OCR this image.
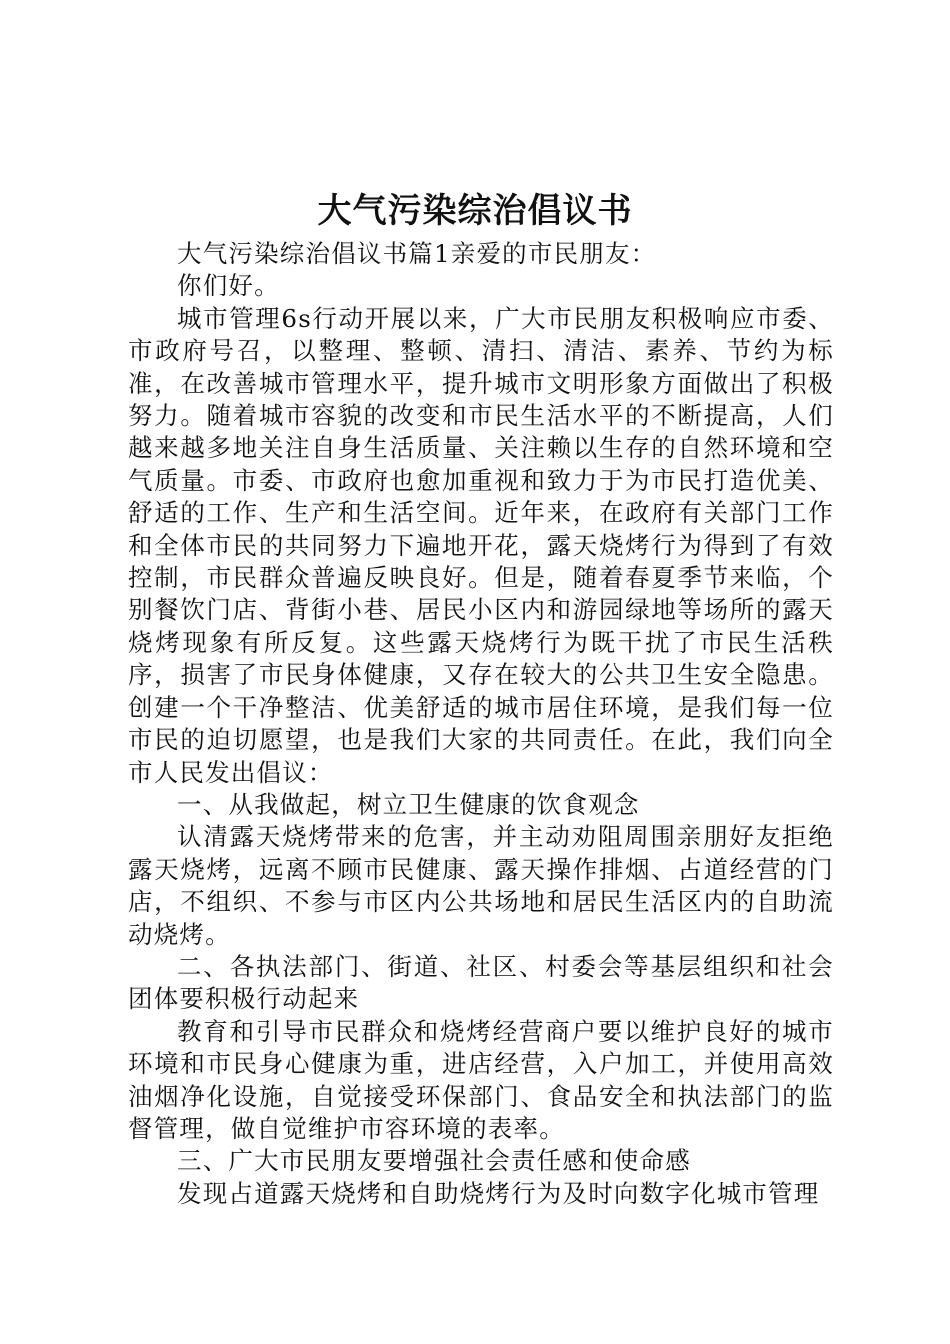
大气污染综治倡议书

大气污染综治倡议书篇1亲爱的市民朋友：

你们好。

城市管理6s行动开展以来，广大市民朋友积极响应市委、市政府号召，以整理、整顿、清扫、清洁、素养、节约为标准，在改善城市管理水平，提升城市文明形象方面做出了积极努力。随着城市容貌的改变和市民生活水平的不断提高，人们越来越多地关注自身生活质量、关注赖以生存的自然环境和空气质量。市委、市政府也愈加重视和致力于为市民打造优美、舒适的工作、生产和生活空间。近年来，在政府有关部门工作和全体市民的共同努力下遍地开花，露天烧烤行为得到了有效控制，市民群众普遍反映良好。但是，随着春夏季节来临，个别餐饮门店、背街小巷、居民小区内和游园绿地等场所的露天烧烤现象有所反复。这些露天烧烤行为既干扰了市民生活秩序，损害了市民身体健康，又存在较大的公共卫生安全隐患。创建一个干净整洁、优美舒适的城市居住环境，是我们每一位市民的迫切愿望，也是我们大家的共同责任。在此，我们向全市人民发出倡议：

一、从我做起，树立卫生健康的饮食观念

认清露天烧烤带来的危害，并主动劝阻周围亲朋好友拒绝露天烧烤，远离不顾市民健康、露天操作排烟、占道经营的门店，不组织、不参与市区内公共场地和居民生活区内的自助流动烧烤。

二、各执法部门、街道、社区、村委会等基层组织和社会团体要积极行动起来

教育和引导市民群众和烧烤经营商户要以维护良好的城市环境和市民身心健康为重，进店经营，入户加工，并使用高效油烟净化设施，自觉接受环保部门、食品安全和执法部门的监督管理，做自觉维护市容环境的表率。

三、广大市民朋友要增强社会责任感和使命感

发现占道露天烧烤和自助烧烤行为及时向数字化城市管理
